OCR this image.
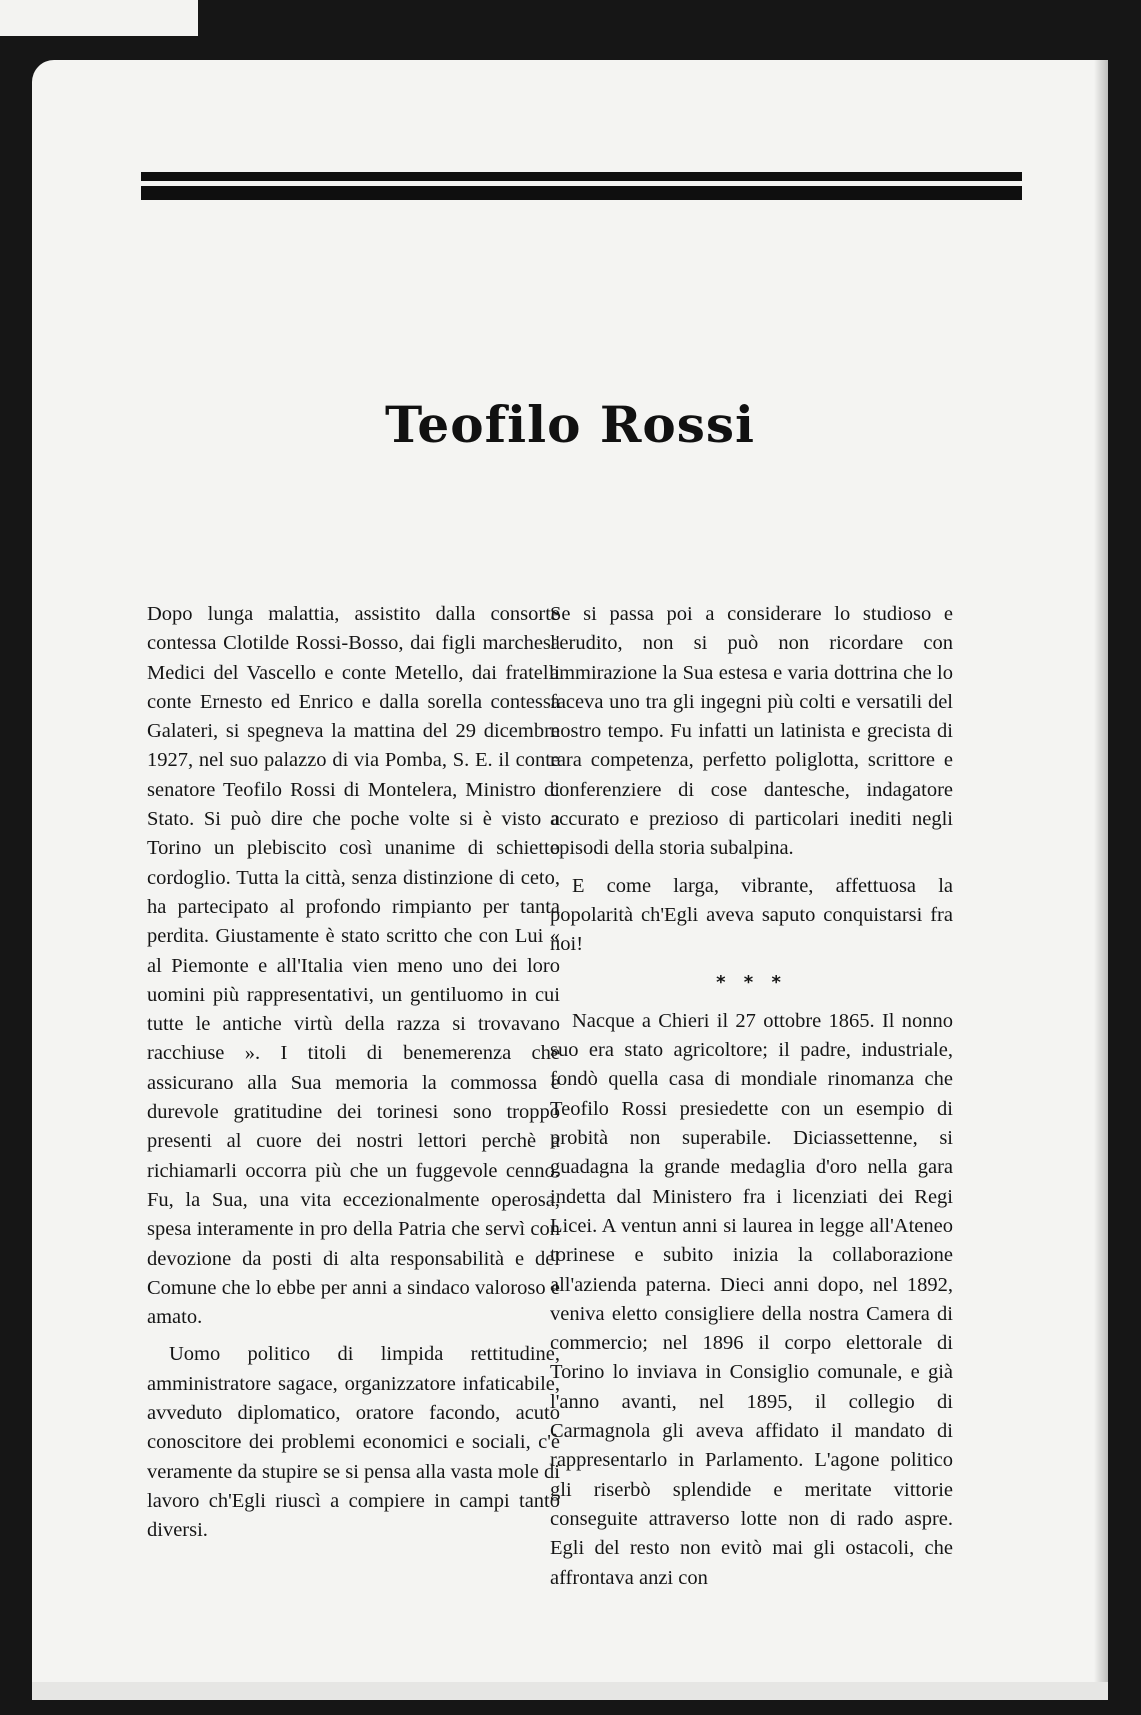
Teofilo Rossi

Dopo lunga malattia, assistito dalla consorte contessa Clotilde Rossi-Bosso, dai figli marchesa Medici del Vascello e conte Metello, dai fratelli conte Ernesto ed Enrico e dalla sorella contessa Galateri, si spegneva la mattina del 29 dicembre 1927, nel suo palazzo di via Pomba, S. E. il conte senatore Teofilo Rossi di Montelera, Ministro di Stato. Si può dire che poche volte si è visto a Torino un plebiscito così unanime di schietto cordoglio. Tutta la città, senza distinzione di ceto, ha partecipato al profondo rimpianto per tanta perdita. Giustamente è stato scritto che con Lui « al Piemonte e all'Italia vien meno uno dei loro uomini più rappresentativi, un gentiluomo in cui tutte le antiche virtù della razza si trovavano racchiuse ». I titoli di benemerenza che assicurano alla Sua memoria la commossa e durevole gratitudine dei torinesi sono troppo presenti al cuore dei nostri lettori perchè a richiamarli occorra più che un fuggevole cenno. Fu, la Sua, una vita eccezionalmente operosa, spesa interamente in pro della Patria che servì con devozione da posti di alta responsabilità e del Comune che lo ebbe per anni a sindaco valoroso e amato.

Uomo politico di limpida rettitudine, amministratore sagace, organizzatore infaticabile, avveduto diplomatico, oratore facondo, acuto conoscitore dei problemi economici e sociali, c'è veramente da stupire se si pensa alla vasta mole di lavoro ch'Egli riuscì a compiere in campi tanto diversi.

Se si passa poi a considerare lo studioso e l'erudito, non si può non ricordare con ammirazione la Sua estesa e varia dottrina che lo faceva uno tra gli ingegni più colti e versatili del nostro tempo. Fu infatti un latinista e grecista di rara competenza, perfetto poliglotta, scrittore e conferenziere di cose dantesche, indagatore accurato e prezioso di particolari inediti negli episodi della storia subalpina.

E come larga, vibrante, affettuosa la popolarità ch'Egli aveva saputo conquistarsi fra noi!

* * *

Nacque a Chieri il 27 ottobre 1865. Il nonno suo era stato agricoltore; il padre, industriale, fondò quella casa di mondiale rinomanza che Teofilo Rossi presiedette con un esempio di probità non superabile. Diciassettenne, si guadagna la grande medaglia d'oro nella gara indetta dal Ministero fra i licenziati dei Regi Licei. A ventun anni si laurea in legge all'Ateneo torinese e subito inizia la collaborazione all'azienda paterna. Dieci anni dopo, nel 1892, veniva eletto consigliere della nostra Camera di commercio; nel 1896 il corpo elettorale di Torino lo inviava in Consiglio comunale, e già l'anno avanti, nel 1895, il collegio di Carmagnola gli aveva affidato il mandato di rappresentarlo in Parlamento. L'agone politico gli riserbò splendide e meritate vittorie conseguite attraverso lotte non di rado aspre. Egli del resto non evitò mai gli ostacoli, che affrontava anzi con
